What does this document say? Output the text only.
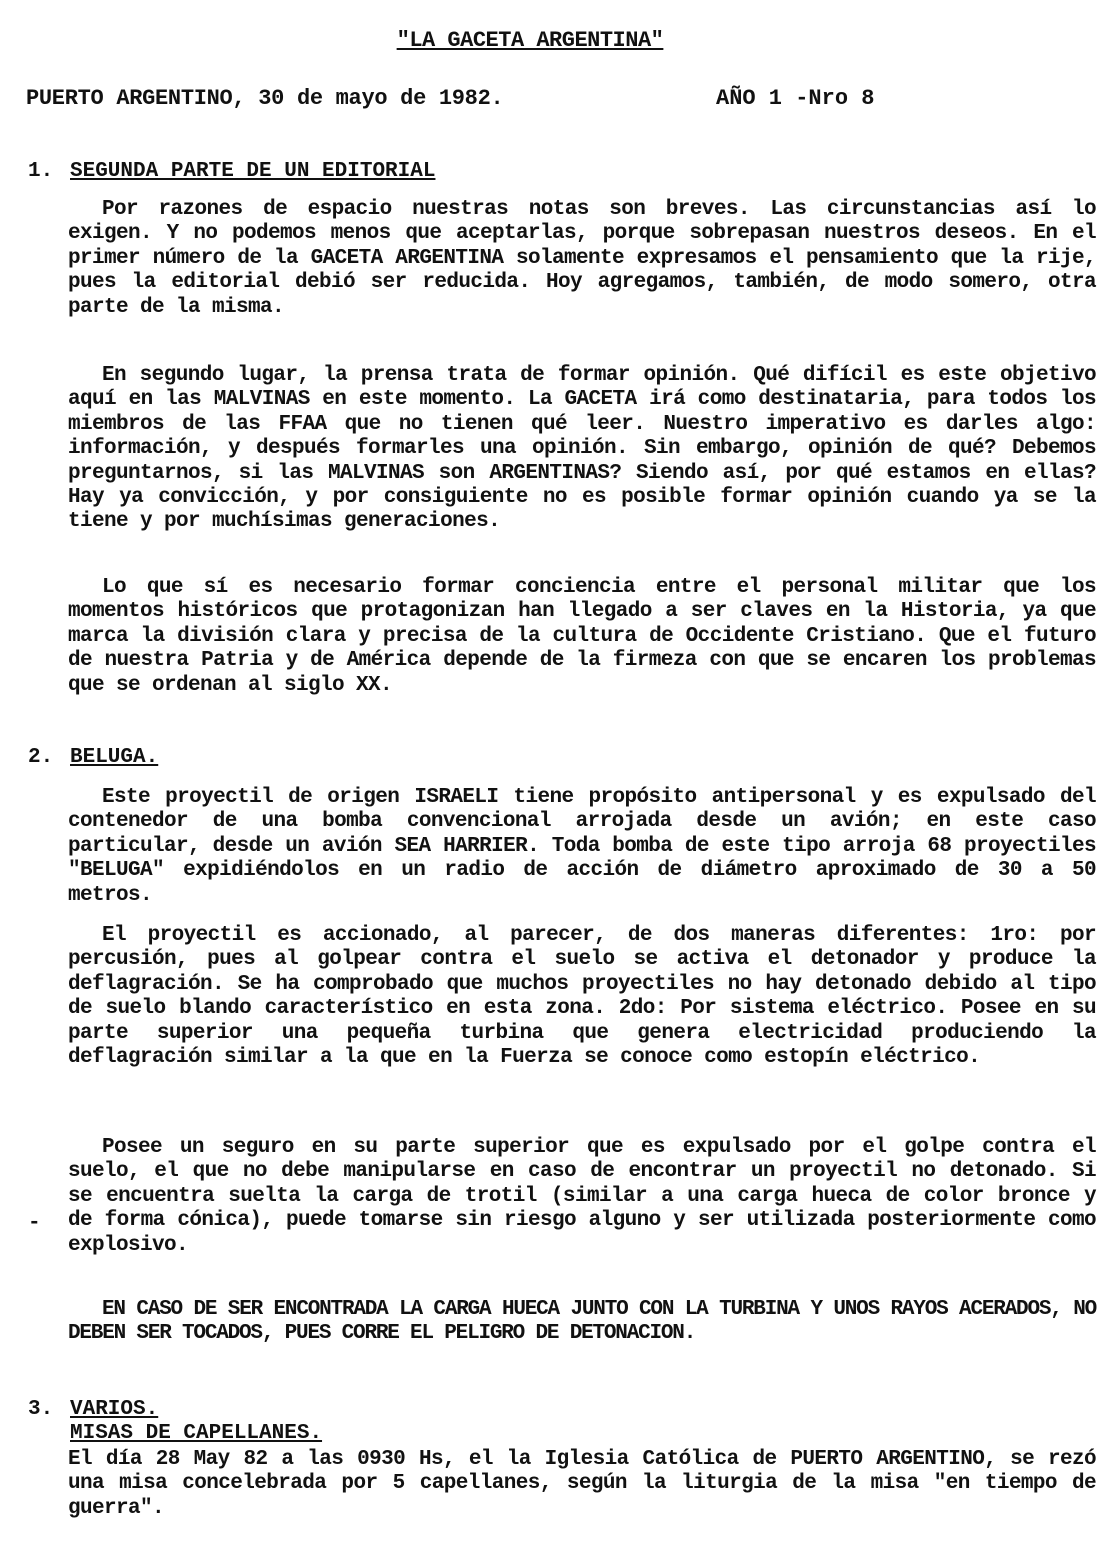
"LA GACETA ARGENTINA"
PUERTO ARGENTINO, 30 de mayo de 1982.	AÑO 1 -Nro 8
1. SEGUNDA PARTE DE UN EDITORIAL

Por razones de espacio nuestras notas son breves. Las circunstancias así lo exigen. Y no podemos menos que aceptarlas, porque sobrepasan nuestros deseos. En el primer número de la GACETA ARGENTINA solamente expresamos el pensamiento que la rije, pues la editorial debió ser reducida. Hoy agregamos, también, de modo somero, otra parte de la misma.

En segundo lugar, la prensa trata de formar opinión. Qué difícil es este objetivo aquí en las MALVINAS en este momento. La GACETA irá como destinataria, para todos los miembros de las FFAA que no tienen qué leer. Nuestro imperativo es darles algo: información, y después formarles una opinión. Sin embargo, opinión de qué? Debemos preguntarnos, si las MALVINAS son ARGENTINAS? Siendo así, por qué estamos en ellas? Hay ya convicción, y por consiguiente no es posible formar opinión cuando ya se la tiene y por muchísimas generaciones.

Lo que sí es necesario formar conciencia entre el personal militar que los momentos históricos que protagonizan han llegado a ser claves en la Historia, ya que marca la división clara y precisa de la cultura de Occidente Cristiano. Que el futuro de nuestra Patria y de América depende de la firmeza con que se encaren los problemas que se ordenan al siglo XX.

2. BELUGA.

Este proyectil de origen ISRAELI tiene propósito antipersonal y es expulsado del contenedor de una bomba convencional arrojada desde un avión; en este caso particular, desde un avión SEA HARRIER. Toda bomba de este tipo arroja 68 proyectiles "BELUGA" expidiéndolos en un radio de acción de diámetro aproximado de 30 a 50 metros.

El proyectil es accionado, al parecer, de dos maneras diferentes: 1ro: por percusión, pues al golpear contra el suelo se activa el detonador y produce la deflagración. Se ha comprobado que muchos proyectiles no hay detonado debido al tipo de suelo blando característico en esta zona. 2do: Por sistema eléctrico. Posee en su parte superior una pequeña turbina que genera electricidad produciendo la deflagración similar a la que en la Fuerza se conoce como estopín eléctrico.

Posee un seguro en su parte superior que es expulsado por el golpe contra el suelo, el que no debe manipularse en caso de encontrar un proyectil no detonado. Si se encuentra suelta la carga de trotil (similar a una carga hueca de color bronce y de forma cónica), puede tomarse sin riesgo alguno y ser utilizada posteriormente como explosivo.

EN CASO DE SER ENCONTRADA LA CARGA HUECA JUNTO CON LA TURBINA Y UNOS RAYOS ACERADOS, NO DEBEN SER TOCADOS, PUES CORRE EL PELIGRO DE DETONACION.

3. VARIOS.
MISAS DE CAPELLANES.

El día 28 May 82 a las 0930 Hs, el la Iglesia Católica de PUERTO ARGENTINO, se rezó una misa concelebrada por 5 capellanes, según la liturgia de la misa "en tiempo de guerra".

-
